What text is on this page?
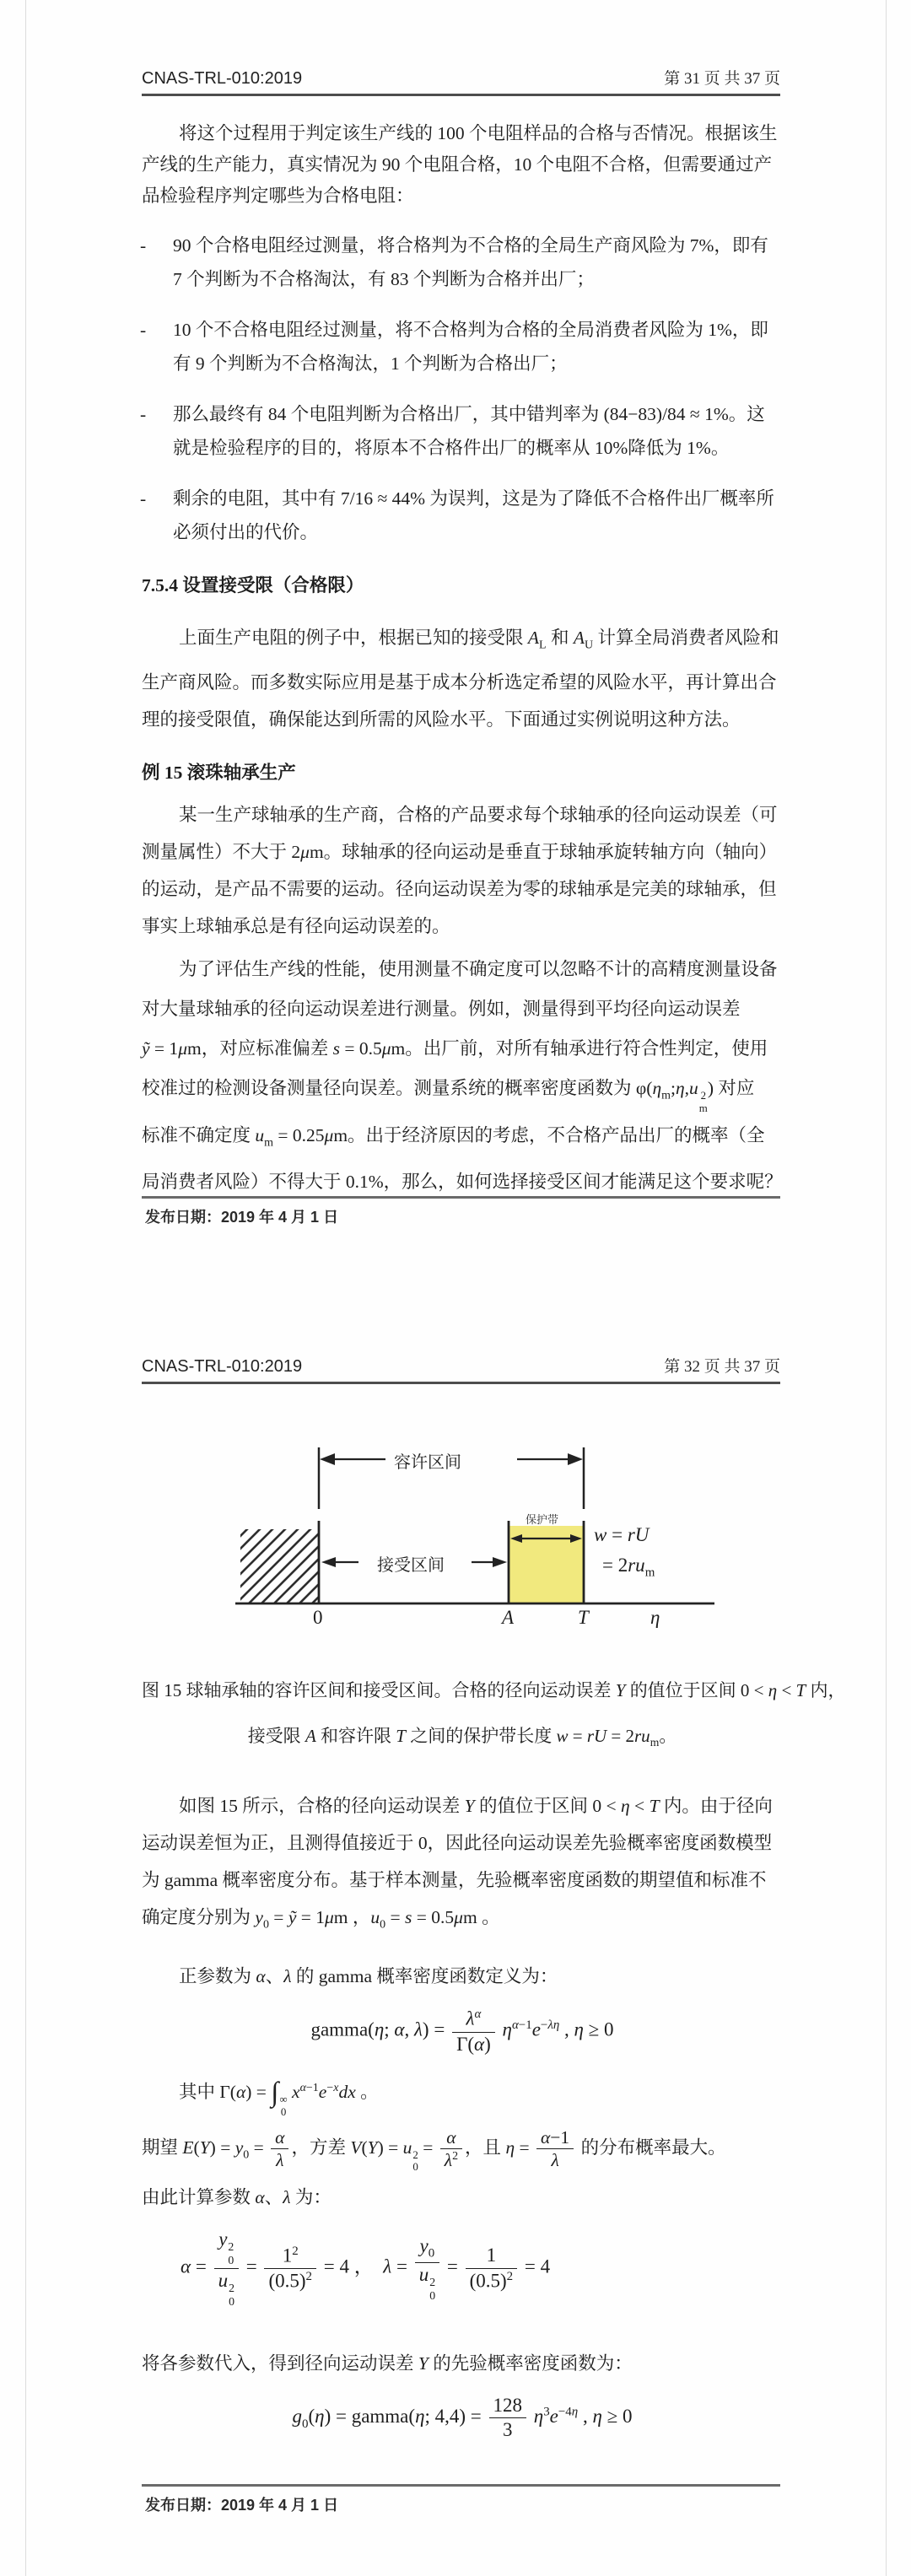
CNAS-TRL-010:2019	第 31 页 共 37 页
将这个过程用于判定该生产线的 100 个电阻样品的合格与否情况。根据该生
产线的生产能力，真实情况为 90 个电阻合格，10 个电阻不合格，但需要通过产
品检验程序判定哪些为合格电阻：
- 90 个合格电阻经过测量，将合格判为不合格的全局生产商风险为 7%，即有
7 个判断为不合格淘汰，有 83 个判断为合格并出厂；
- 10 个不合格电阻经过测量，将不合格判为合格的全局消费者风险为 1%，即
有 9 个判断为不合格淘汰，1 个判断为合格出厂；
- 那么最终有 84 个电阻判断为合格出厂，其中错判率为 (84−83)/84 ≈ 1%。这
就是检验程序的目的，将原本不合格件出厂的概率从 10%降低为 1%。
- 剩余的电阻，其中有 7/16 ≈ 44% 为误判，这是为了降低不合格件出厂概率所
必须付出的代价。
7.5.4 设置接受限（合格限）
上面生产电阻的例子中，根据已知的接受限 $A_L$ 和 $A_U$ 计算全局消费者风险和
生产商风险。而多数实际应用是基于成本分析选定希望的风险水平，再计算出合
理的接受限值，确保能达到所需的风险水平。下面通过实例说明这种方法。
例 15 滚珠轴承生产
某一生产球轴承的生产商，合格的产品要求每个球轴承的径向运动误差（可
测量属性）不大于 2μm。球轴承的径向运动是垂直于球轴承旋转轴方向（轴向）
的运动，是产品不需要的运动。径向运动误差为零的球轴承是完美的球轴承，但
事实上球轴承总是有径向运动误差的。
为了评估生产线的性能，使用测量不确定度可以忽略不计的高精度测量设备
对大量球轴承的径向运动误差进行测量。例如，测量得到平均径向运动误差
ỹ = 1μm，对应标准偏差 s = 0.5μm。出厂前，对所有轴承进行符合性判定，使用
校准过的检测设备测量径向误差。测量系统的概率密度函数为 $\varphi(\eta_m;\eta,u$ 2
m
) 对应
标准不确定度 $u_m = 0.25\mu m$。出于经济原因的考虑，不合格产品出厂的概率（全
局消费者风险）不得大于 0.1%，那么，如何选择接受区间才能满足这个要求呢？
发布日期：2019 年 4 月 1 日
CNAS-TRL-010:2019	第 32 页 共 37 页
容许区间
接受区间
保护带
w = rU
= $2ru_m$
0	A	T	η
图 15 球轴承轴的容许区间和接受区间。合格的径向运动误差 Y 的值位于区间 0 < η < T 内，
接受限 A 和容许限 T 之间的保护带长度 w = rU = $2ru_m$。
如图 15 所示，合格的径向运动误差 Y 的值位于区间 0 < η < T 内。由于径向
运动误差恒为正，且测得值接近于 0，因此径向运动误差先验概率密度函数模型
为 gamma 概率密度分布。基于样本测量，先验概率密度函数的期望值和标准不
确定度分别为 $y_0$ = ỹ = 1μm ，$u_0 = s = 0.5\mu m$ 。
正参数为 α、λ 的 gamma 概率密度函数定义为：
gamma(η; α, $\lambda) = \frac{\lambda^\alpha}{\Gamma(\alpha)} \eta^{\alpha-1}e^{-\lambda\eta}$ , η ≥ 0
其中 Γ(α) = ∫ ∞
0
$x^{\alpha-1}e^{-x}dx$ 。
期望 $E(Y) = y_0 = \frac{\alpha}{\lambda}$ ，方差 V(Y) = u 2
0
= $\frac{\alpha}{\lambda^2}$ ，且 $\eta = \frac{\alpha-1}{\lambda}$ 的分布概率最大。
由此计算参数 α、λ 为：
α = y 2
0
u 2
$0 = \frac{1^2}{(0.5)^2} = 4$ ，　$\lambda = y_0$
u 2
$0 = \frac{1}{(0.5)^2} = 4$
将各参数代入，得到径向运动误差 Y 的先验概率密度函数为：
$g_0(\eta)$ = gamma(η; $4,4) = \frac{128}{3} \eta^3e^{-4\eta}$ , η ≥ 0
发布日期：2019 年 4 月 1 日
